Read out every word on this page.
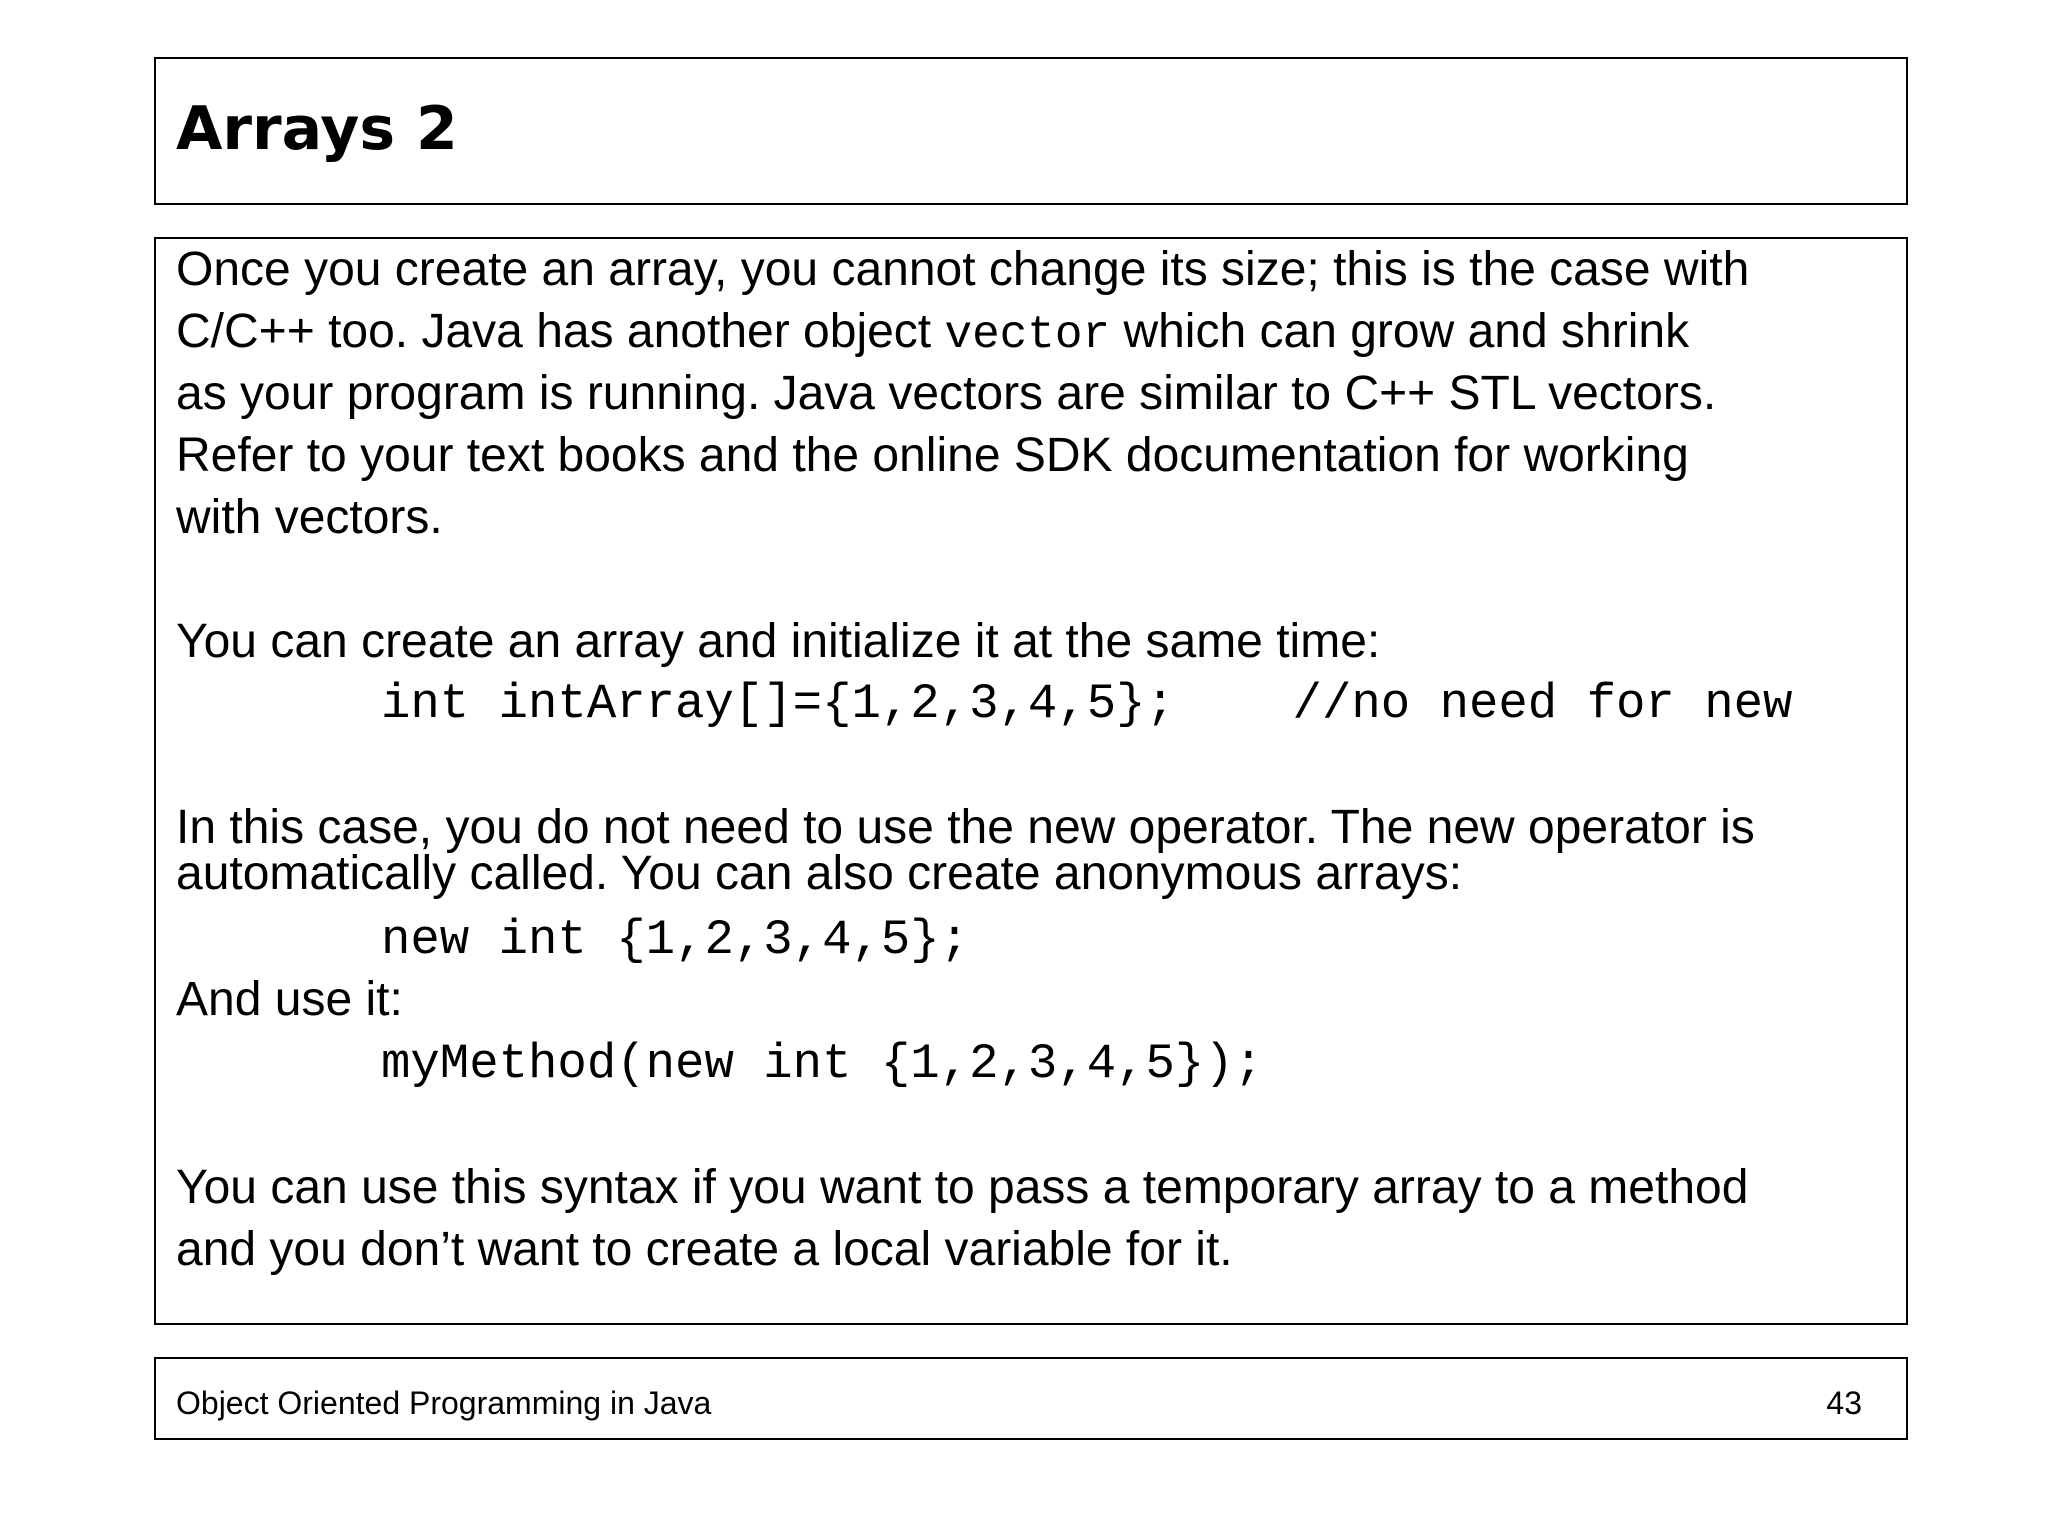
Arrays 2

Once you create an array, you cannot change its size; this is the case with

C/C++ too. Java has another object vector which can grow and shrink

as your program is running. Java vectors are similar to C++ STL vectors.

Refer to your text books and the online SDK documentation for working

with vectors.

You can create an array and initialize it at the same time:

int intArray[]={1,2,3,4,5};    //no need for new

In this case, you do not need to use the new operator. The new operator is

automatically called. You can also create anonymous arrays:

new int {1,2,3,4,5};

And use it:

myMethod(new int {1,2,3,4,5});

You can use this syntax if you want to pass a temporary array to a method

and you don’t want to create a local variable for it.

Object Oriented Programming in Java	43
